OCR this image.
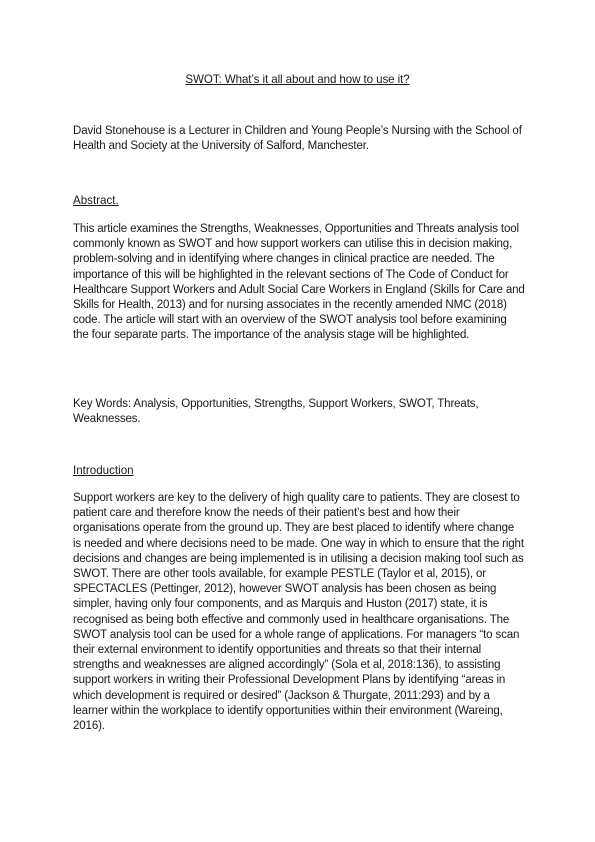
SWOT: What’s it all about and how to use it?

David Stonehouse is a Lecturer in Children and Young People’s Nursing with the School of Health and Society at the University of Salford, Manchester.

Abstract.

This article examines the Strengths, Weaknesses, Opportunities and Threats analysis tool commonly known as SWOT and how support workers can utilise this in decision making, problem-solving and in identifying where changes in clinical practice are needed. The importance of this will be highlighted in the relevant sections of The Code of Conduct for Healthcare Support Workers and Adult Social Care Workers in England (Skills for Care and Skills for Health, 2013) and for nursing associates in the recently amended NMC (2018) code. The article will start with an overview of the SWOT analysis tool before examining the four separate parts. The importance of the analysis stage will be highlighted.

Key Words: Analysis, Opportunities, Strengths, Support Workers, SWOT, Threats, Weaknesses.

Introduction

Support workers are key to the delivery of high quality care to patients. They are closest to patient care and therefore know the needs of their patient’s best and how their organisations operate from the ground up. They are best placed to identify where change is needed and where decisions need to be made. One way in which to ensure that the right decisions and changes are being implemented is in utilising a decision making tool such as SWOT. There are other tools available, for example PESTLE (Taylor et al, 2015), or SPECTACLES (Pettinger, 2012), however SWOT analysis has been chosen as being simpler, having only four components, and as Marquis and Huston (2017) state, it is recognised as being both effective and commonly used in healthcare organisations. The SWOT analysis tool can be used for a whole range of applications. For managers “to scan their external environment to identify opportunities and threats so that their internal strengths and weaknesses are aligned accordingly” (Sola et al, 2018:136), to assisting support workers in writing their Professional Development Plans by identifying “areas in which development is required or desired” (Jackson & Thurgate, 2011:293) and by a learner within the workplace to identify opportunities within their environment (Wareing, 2016).
